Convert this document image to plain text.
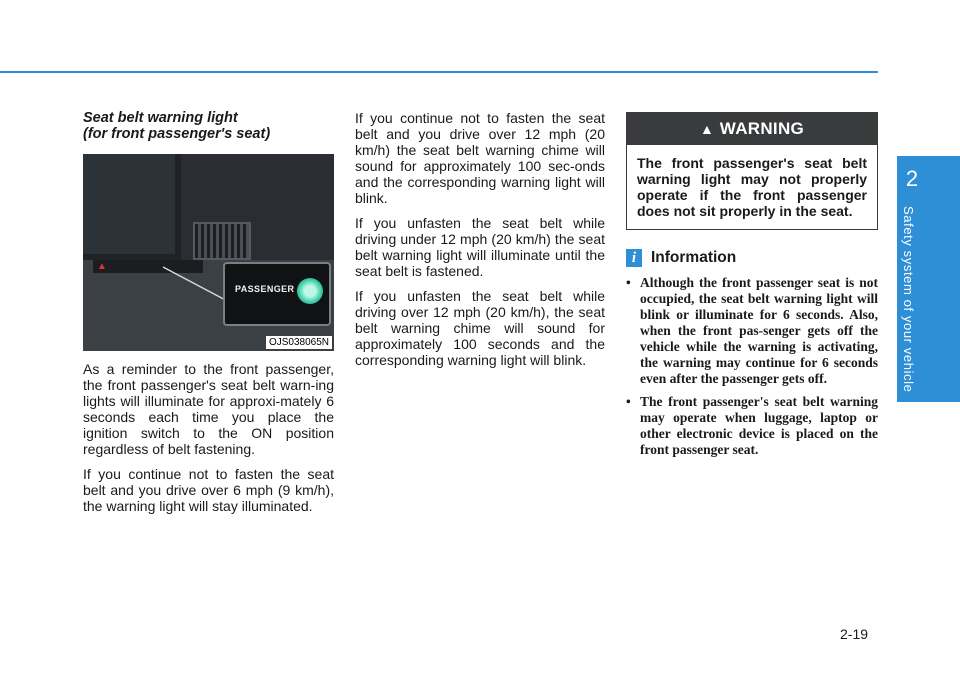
2
Safety system of your vehicle
Seat belt warning light
(for front passenger's seat)
▲
PASSENGER
OJS038065N

As a reminder to the front passenger, the front passenger's seat belt warn-ing lights will illuminate for approxi-mately 6 seconds each time you place the ignition switch to the ON position regardless of belt fastening.

If you continue not to fasten the seat belt and you drive over 6 mph (9 km/h), the warning light will stay illuminated.

If you continue not to fasten the seat belt and you drive over 12 mph (20 km/h) the seat belt warning chime will sound for approximately 100 sec-onds and the corresponding warning light will blink.

If you unfasten the seat belt while driving under 12 mph (20 km/h) the seat belt warning light will illuminate until the seat belt is fastened.

If you unfasten the seat belt while driving over 12 mph (20 km/h), the seat belt warning chime will sound for approximately 100 seconds and the corresponding warning light will blink.

▲ WARNING
The front passenger's seat belt warning light may not properly operate if the front passenger does not sit properly in the seat.
i Information
• Although the front passenger seat is not occupied, the seat belt warning light will blink or illuminate for 6 seconds. Also, when the front pas-senger gets off the vehicle while the warning is activating, the warning may continue for 6 seconds even after the passenger gets off.
• The front passenger's seat belt warning may operate when luggage, laptop or other electronic device is placed on the front passenger seat.
2-19
